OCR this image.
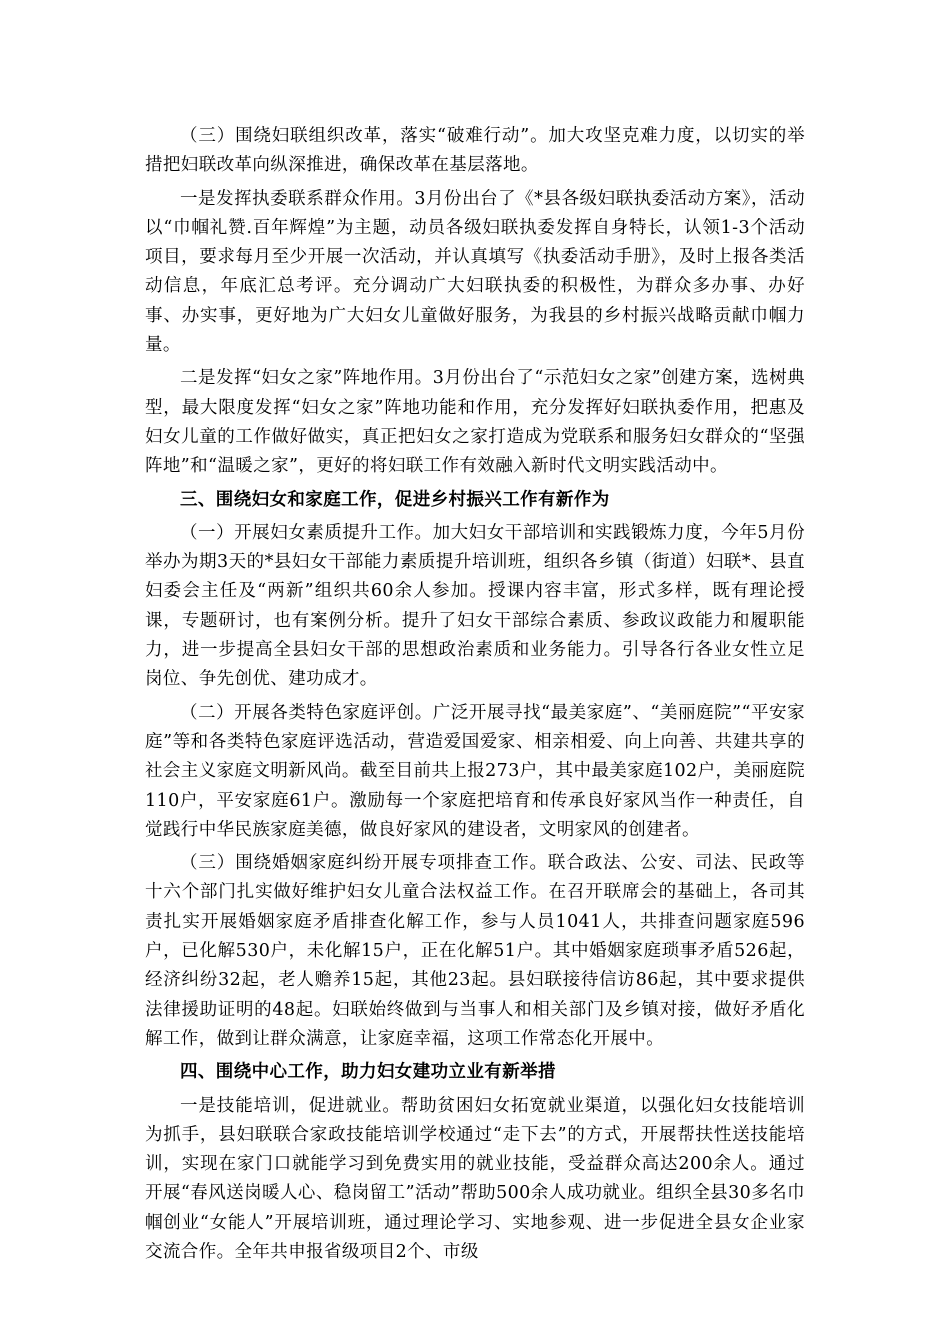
（三）围绕妇联组织改革，落实“破难行动”。加大攻坚克难力度，以切实的举措把妇联改革向纵深推进，确保改革在基层落地。

一是发挥执委联系群众作用。3月份出台了《*县各级妇联执委活动方案》，活动以“巾帼礼赞.百年辉煌”为主题，动员各级妇联执委发挥自身特长，认领1-3个活动项目，要求每月至少开展一次活动，并认真填写《执委活动手册》，及时上报各类活动信息，年底汇总考评。充分调动广大妇联执委的积极性，为群众多办事、办好事、办实事，更好地为广大妇女儿童做好服务，为我县的乡村振兴战略贡献巾帼力量。

二是发挥“妇女之家”阵地作用。3月份出台了“示范妇女之家”创建方案，选树典型，最大限度发挥“妇女之家”阵地功能和作用，充分发挥好妇联执委作用，把惠及妇女儿童的工作做好做实，真正把妇女之家打造成为党联系和服务妇女群众的“坚强阵地”和“温暖之家”，更好的将妇联工作有效融入新时代文明实践活动中。

三、围绕妇女和家庭工作，促进乡村振兴工作有新作为

（一）开展妇女素质提升工作。加大妇女干部培训和实践锻炼力度，今年5月份举办为期3天的*县妇女干部能力素质提升培训班，组织各乡镇（街道）妇联*、县直妇委会主任及“两新”组织共60余人参加。授课内容丰富，形式多样，既有理论授课，专题研讨，也有案例分析。提升了妇女干部综合素质、参政议政能力和履职能力，进一步提高全县妇女干部的思想政治素质和业务能力。引导各行各业女性立足岗位、争先创优、建功成才。

（二）开展各类特色家庭评创。广泛开展寻找“最美家庭”、“美丽庭院”“平安家庭”等和各类特色家庭评选活动，营造爱国爱家、相亲相爱、向上向善、共建共享的社会主义家庭文明新风尚。截至目前共上报273户，其中最美家庭102户，美丽庭院110户，平安家庭61户。激励每一个家庭把培育和传承良好家风当作一种责任，自觉践行中华民族家庭美德，做良好家风的建设者，文明家风的创建者。

（三）围绕婚姻家庭纠纷开展专项排查工作。联合政法、公安、司法、民政等十六个部门扎实做好维护妇女儿童合法权益工作。在召开联席会的基础上，各司其责扎实开展婚姻家庭矛盾排查化解工作，参与人员1041人，共排查问题家庭596户，已化解530户，未化解15户，正在化解51户。其中婚姻家庭琐事矛盾526起，经济纠纷32起，老人赡养15起，其他23起。县妇联接待信访86起，其中要求提供法律援助证明的48起。妇联始终做到与当事人和相关部门及乡镇对接，做好矛盾化解工作，做到让群众满意，让家庭幸福，这项工作常态化开展中。

四、围绕中心工作，助力妇女建功立业有新举措

一是技能培训，促进就业。帮助贫困妇女拓宽就业渠道，以强化妇女技能培训为抓手，县妇联联合家政技能培训学校通过“走下去”的方式，开展帮扶性送技能培训，实现在家门口就能学习到免费实用的就业技能，受益群众高达200余人。通过开展“春风送岗暖人心、稳岗留工”活动”帮助500余人成功就业。组织全县30多名巾帼创业“女能人”开展培训班，通过理论学习、实地参观、进一步促进全县女企业家交流合作。全年共申报省级项目2个、市级
